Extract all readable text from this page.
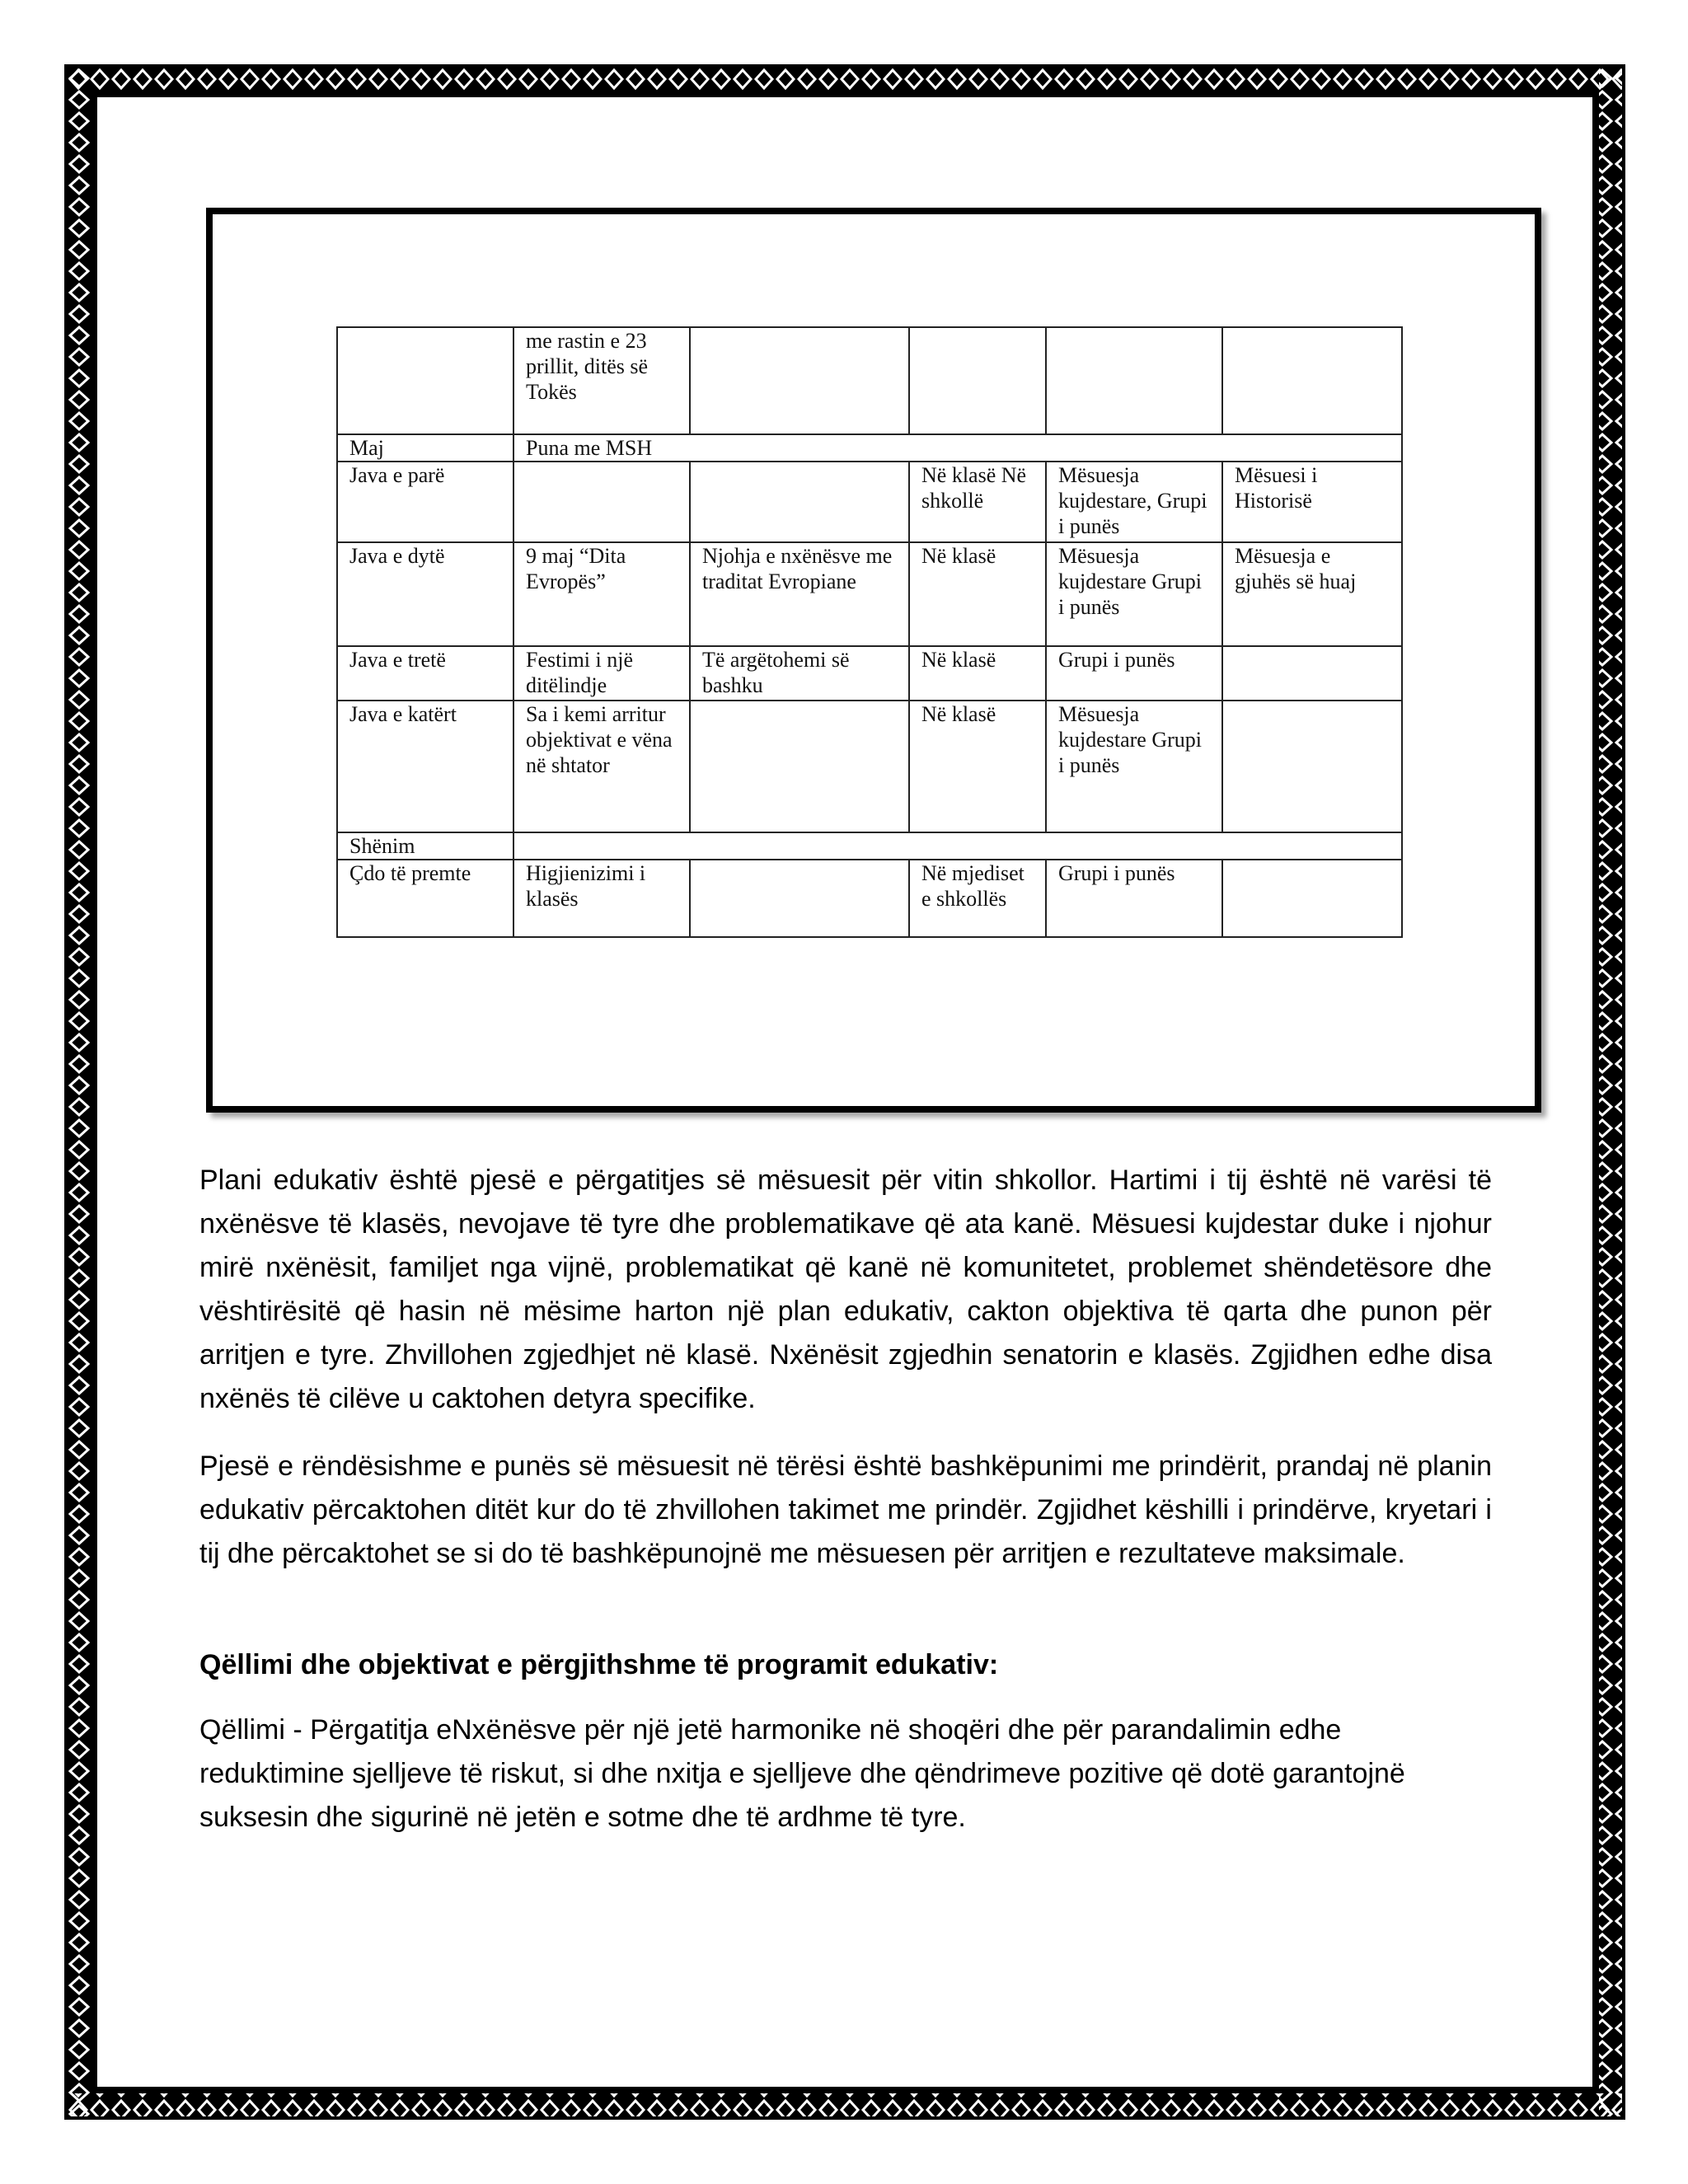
	me rastin e 23 prillit, ditës së Tokës				
Maj	Puna me MSH				
Java e parë			Në klasë Në shkollë	Mësuesja kujdestare, Grupi i punës	Mësuesi i Historisë
Java e dytë	9 maj “Dita Evropës”	Njohja e nxënësve me traditat Evropiane	Në klasë	Mësuesja kujdestare Grupi i punës	Mësuesja e gjuhës së huaj
Java e tretë	Festimi i një ditëlindje	Të argëtohemi së bashku	Në klasë	Grupi i punës	
Java e katërt	Sa i kemi arritur objektivat e vëna në shtator		Në klasë	Mësuesja kujdestare Grupi i punës	
Shënim					
Çdo të premte	Higjienizimi i klasës		Në mjediset e shkollës	Grupi i punës	

Plani edukativ është pjesë e përgatitjes së mësuesit për vitin shkollor. Hartimi i tij është në varësi të nxënësve të klasës, nevojave të tyre dhe problematikave që ata kanë. Mësuesi kujdestar duke i njohur mirë nxënësit, familjet nga vijnë, problematikat që kanë në komunitetet, problemet shëndetësore dhe vështirësitë që hasin në mësime harton një plan edukativ, cakton objektiva të qarta dhe punon për arritjen e tyre. Zhvillohen zgjedhjet në klasë. Nxënësit zgjedhin senatorin e klasës. Zgjidhen edhe disa nxënës të cilëve u caktohen detyra specifike.

Pjesë e rëndësishme e punës së mësuesit në tërësi është bashkëpunimi me prindërit, prandaj në planin edukativ përcaktohen ditët kur do të zhvillohen takimet me prindër. Zgjidhet këshilli i prindërve, kryetari i tij dhe përcaktohet se si do të bashkëpunojnë me mësuesen për arritjen e rezultateve maksimale.

Qëllimi dhe objektivat e përgjithshme të programit edukativ:

Qëllimi - Përgatitja eNxënësve për një jetë harmonike në shoqëri dhe për parandalimin edhe reduktimine sjelljeve të riskut, si dhe nxitja e sjelljeve dhe qëndrimeve pozitive që dotë garantojnë suksesin dhe sigurinë në jetën e sotme dhe të ardhme të tyre.
